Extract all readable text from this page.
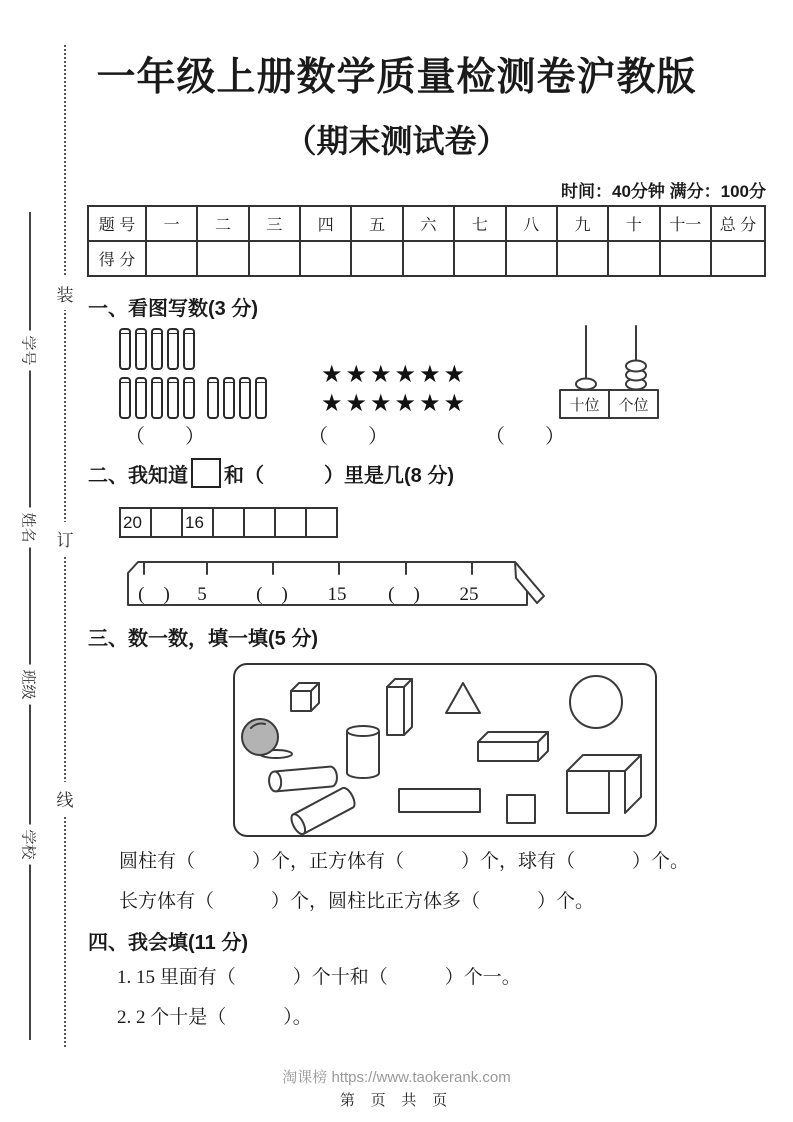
装
订
线
学号
姓名
班级
学校
一年级上册数学质量检测卷沪教版
（期末测试卷）
时间：40分钟 满分：100分
题 号	一	二	三	四	五	六	七	八	九	十	十一	总 分
得 分												
一、看图写数(3 分)
★★★★★★
★★★★★★	十位 个位
（　　）	（　　）	（　　）
二、我知道 和（　　　）里是几(8 分)
20		16				
(　) 5	(　) 15 (　) 25
三、数一数，填一填(5 分)
圆柱有（　　　）个，正方体有（　　　）个，球有（　　　）个。
长方体有（　　　）个，圆柱比正方体多（　　　）个。
四、我会填(11 分)
1. 15 里面有（　　　）个十和（　　　）个一。
2. 2 个十是（　　　）。
淘课榜 https://www.taokerank.com
第 页 共 页
